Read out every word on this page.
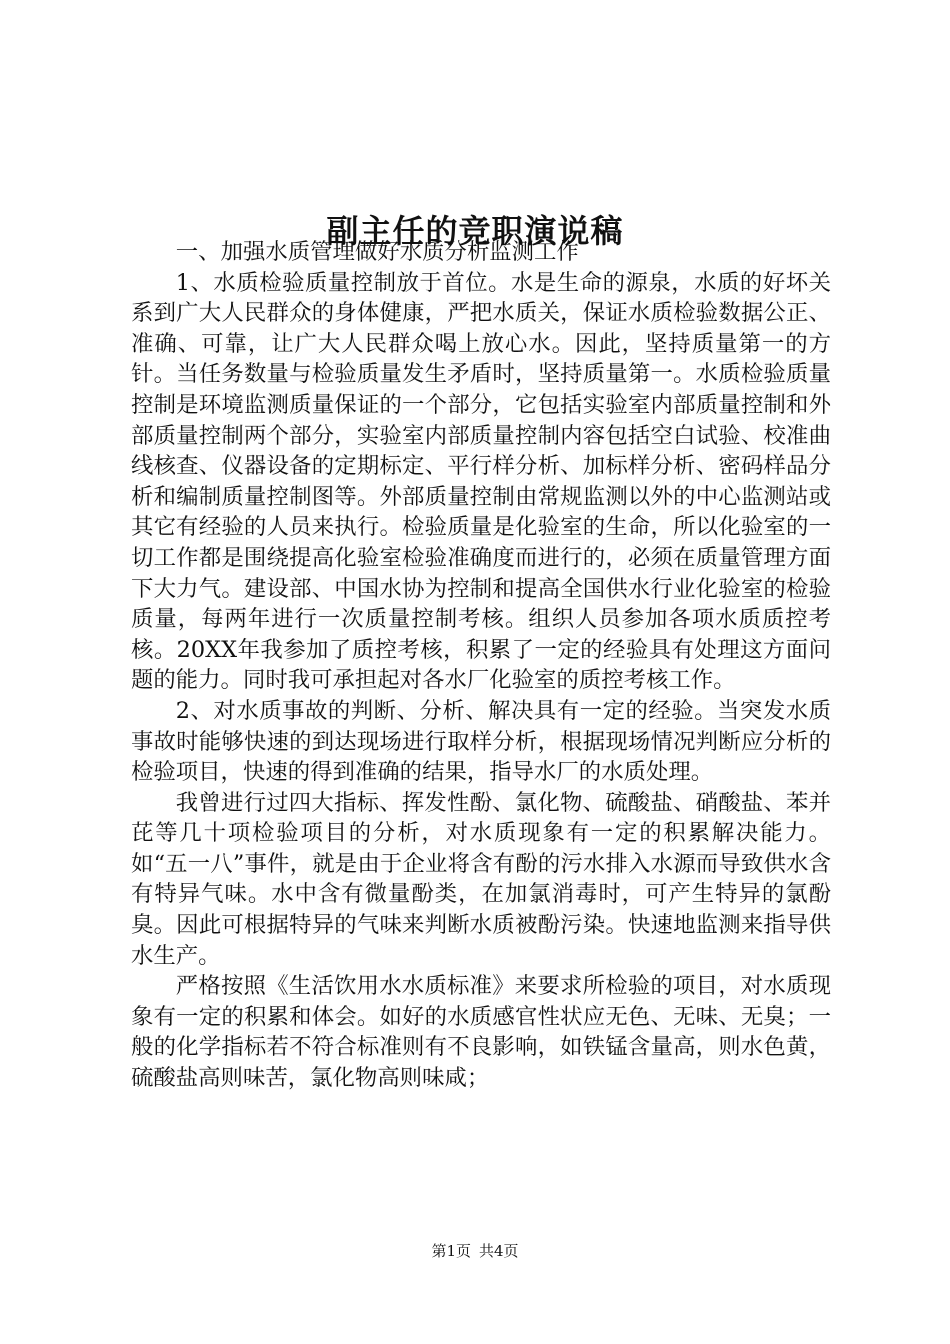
副主任的竞职演说稿

一、加强水质管理做好水质分析监测工作

1、水质检验质量控制放于首位。水是生命的源泉，水质的好坏关系到广大人民群众的身体健康，严把水质关，保证水质检验数据公正、准确、可靠，让广大人民群众喝上放心水。因此，坚持质量第一的方针。当任务数量与检验质量发生矛盾时，坚持质量第一。水质检验质量控制是环境监测质量保证的一个部分，它包括实验室内部质量控制和外部质量控制两个部分，实验室内部质量控制内容包括空白试验、校准曲线核查、仪器设备的定期标定、平行样分析、加标样分析、密码样品分析和编制质量控制图等。外部质量控制由常规监测以外的中心监测站或其它有经验的人员来执行。检验质量是化验室的生命，所以化验室的一切工作都是围绕提高化验室检验准确度而进行的，必须在质量管理方面下大力气。建设部、中国水协为控制和提高全国供水行业化验室的检验质量，每两年进行一次质量控制考核。组织人员参加各项水质质控考核。20XX年我参加了质控考核，积累了一定的经验具有处理这方面问题的能力。同时我可承担起对各水厂化验室的质控考核工作。

2、对水质事故的判断、分析、解决具有一定的经验。当突发水质事故时能够快速的到达现场进行取样分析，根据现场情况判断应分析的检验项目，快速的得到准确的结果，指导水厂的水质处理。

我曾进行过四大指标、挥发性酚、氯化物、硫酸盐、硝酸盐、苯并芘等几十项检验项目的分析，对水质现象有一定的积累解决能力。如“五一八”事件，就是由于企业将含有酚的污水排入水源而导致供水含有特异气味。水中含有微量酚类，在加氯消毒时，可产生特异的氯酚臭。因此可根据特异的气味来判断水质被酚污染。快速地监测来指导供水生产。

严格按照《生活饮用水水质标准》来要求所检验的项目，对水质现象有一定的积累和体会。如好的水质感官性状应无色、无味、无臭；一般的化学指标若不符合标准则有不良影响，如铁锰含量高，则水色黄，硫酸盐高则味苦，氯化物高则味咸；

第1页 共4页
